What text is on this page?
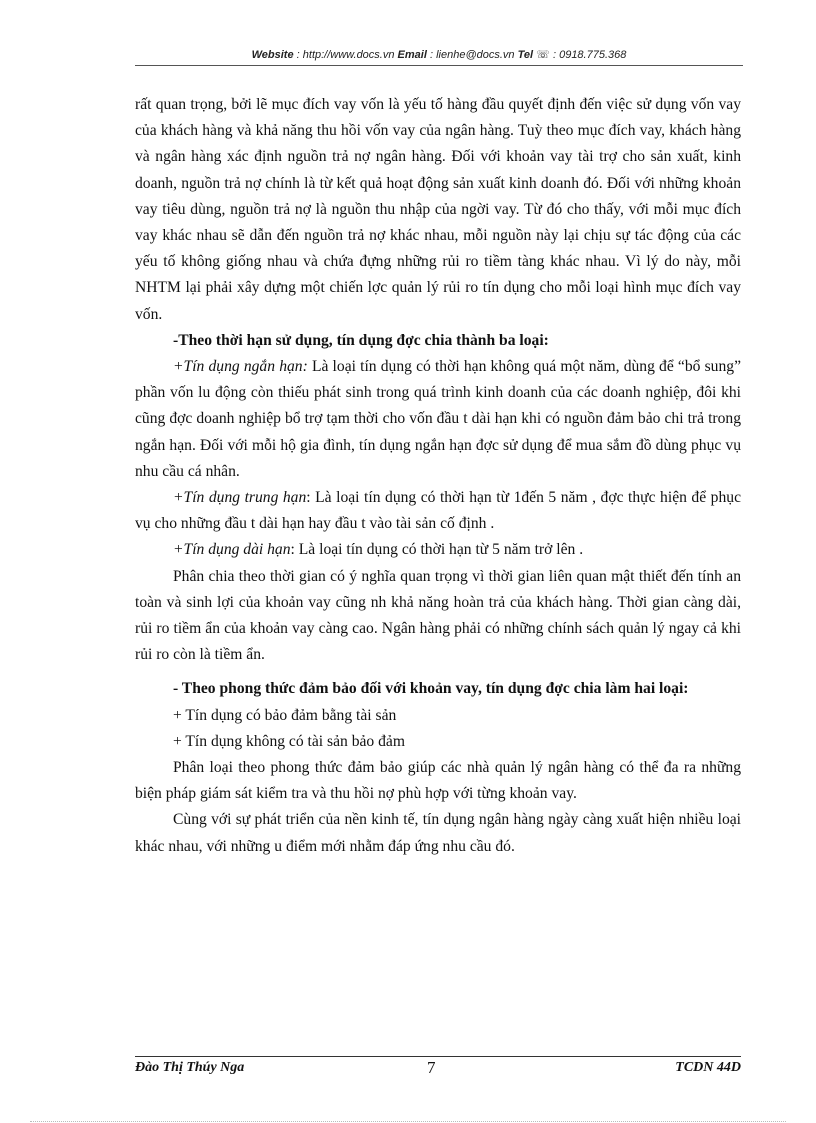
Website : http://www.docs.vn Email : lienhe@docs.vn Tel ☏ : 0918.775.368

rất quan trọng, bởi lẽ mục đích vay vốn là yếu tố hàng đầu quyết định đến việc sử dụng vốn vay của khách hàng và khả năng thu hồi vốn vay của ngân hàng. Tuỳ theo mục đích vay, khách hàng và ngân hàng xác định nguồn trả nợ ngân hàng. Đối với khoản vay tài trợ cho sản xuất, kinh doanh, nguồn trả nợ chính là từ kết quả hoạt động sản xuất kinh doanh đó. Đối với những khoản vay tiêu dùng, nguồn trả nợ là nguồn thu nhập của ngời vay. Từ đó cho thấy, với mỗi mục đích vay khác nhau sẽ dẫn đến nguồn trả nợ khác nhau, mỗi nguồn này lại chịu sự tác động của các yếu tố không giống nhau và chứa đựng những rủi ro tiềm tàng khác nhau. Vì lý do này, mỗi NHTM lại phải xây dựng một chiến lợc quản lý rủi ro tín dụng cho mỗi loại hình mục đích vay vốn.

-Theo thời hạn sử dụng, tín dụng đợc chia thành ba loại:

+Tín dụng ngắn hạn: Là loại tín dụng có thời hạn không quá một năm, dùng để “bổ sung” phần vốn lu động còn thiếu phát sinh trong quá trình kinh doanh của các doanh nghiệp, đôi khi cũng đợc doanh nghiệp bổ trợ tạm thời cho vốn đầu t dài hạn khi có nguồn đảm bảo chi trả trong ngắn hạn. Đối với mỗi hộ gia đình, tín dụng ngắn hạn đợc sử dụng để mua sắm đồ dùng phục vụ nhu cầu cá nhân.

+Tín dụng trung hạn: Là loại tín dụng có thời hạn từ 1đến 5 năm , đợc thực hiện để phục vụ cho những đầu t dài hạn hay đầu t vào tài sản cố định .

+Tín dụng dài hạn: Là loại tín dụng có thời hạn từ 5 năm trở lên .

Phân chia theo thời gian có ý nghĩa quan trọng vì thời gian liên quan mật thiết đến tính an toàn và sinh lợi của khoản vay cũng nh khả năng hoàn trả của khách hàng. Thời gian càng dài, rủi ro tiềm ẩn của khoản vay càng cao. Ngân hàng phải có những chính sách quản lý ngay cả khi rủi ro còn là tiềm ẩn.

- Theo phong thức đảm bảo đối với khoản vay, tín dụng đợc chia làm hai loại:

+ Tín dụng có bảo đảm bằng tài sản

+ Tín dụng không có tài sản bảo đảm

Phân loại theo phong thức đảm bảo giúp các nhà quản lý ngân hàng có thể đa ra những biện pháp giám sát kiểm tra và thu hồi nợ phù hợp với từng khoản vay.

Cùng với sự phát triển của nền kinh tế, tín dụng ngân hàng ngày càng xuất hiện nhiều loại khác nhau, với những u điểm mới nhằm đáp ứng nhu cầu đó.

Đào Thị Thúy Nga	7	TCDN 44D
